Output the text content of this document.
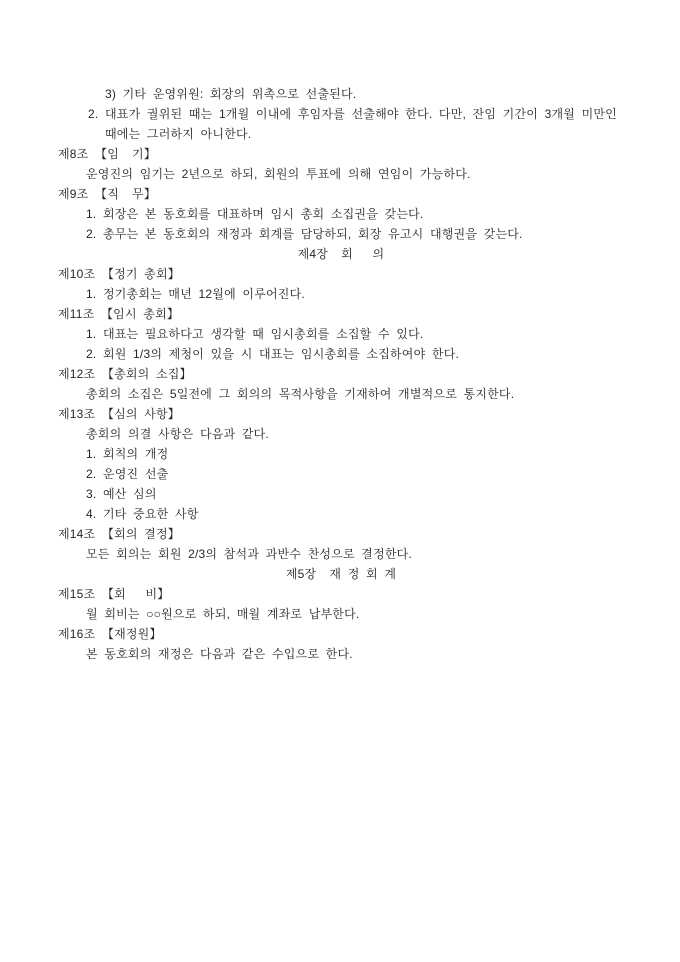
3) 기타 운영위원: 회장의 위촉으로 선출된다.

2. 대표가 궐위된 때는 1개월 이내에 후임자를 선출해야 한다. 다만, 잔임 기간이 3개월 미만인 때에는 그러하지 아니한다.

제8조 【임  기】

운영진의 임기는 2년으로 하되, 회원의 투표에 의해 연임이 가능하다.

제9조 【직  무】

1. 회장은 본 동호회를 대표하며 임시 총회 소집권을 갖는다.

2. 총무는 본 동호회의 재정과 회계를 담당하되, 회장 유고시 대행권을 갖는다.

제4장  회   의

제10조 【정기 총회】

1. 정기총회는 매년 12월에 이루어진다.

제11조 【임시 총회】

1. 대표는 필요하다고 생각할 때 임시총회를 소집할 수 있다.

2. 회원 1/3의 제청이 있을 시 대표는 임시총회를 소집하여야 한다.

제12조 【총회의 소집】

총회의 소집은 5일전에 그 회의의 목적사항을 기재하여 개별적으로 통지한다.

제13조 【심의 사항】

총회의 의결 사항은 다음과 같다.

1. 회칙의 개정

2. 운영진 선출

3. 예산 심의

4. 기타 중요한 사항

제14조 【회의 결정】

모든 회의는 회원 2/3의 참석과 과반수 찬성으로 결정한다.

제5장  재 정 회 계

제15조 【회   비】

월 회비는 ○○원으로 하되, 매월 계좌로 납부한다.

제16조 【재정원】

본 동호회의 재정은 다음과 같은 수입으로 한다.
